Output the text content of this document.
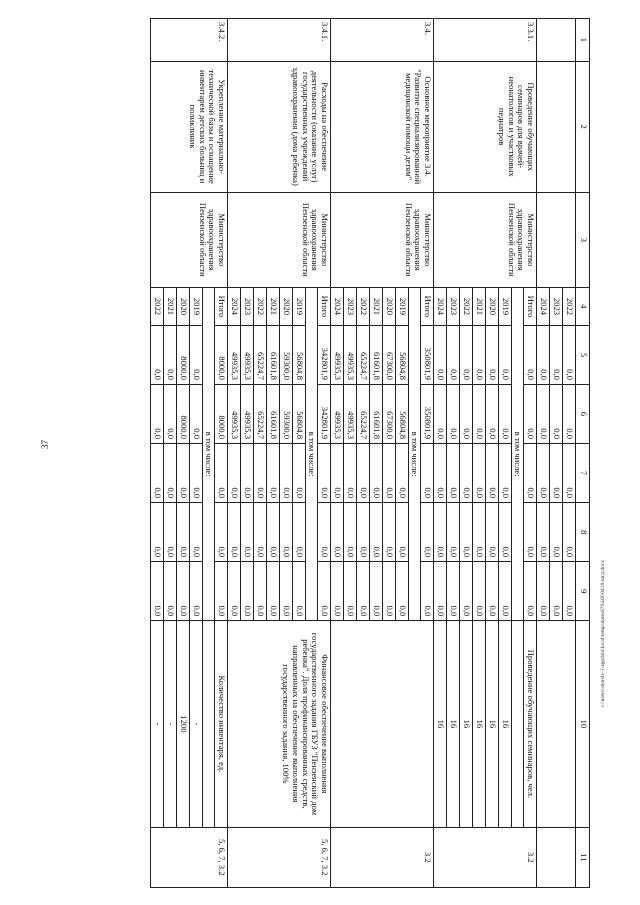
37
c:\users\sborsh~1\appdata\local\temp\notes879440\0418-шгд.docx
1	2	3	4	5	6	7	8	9	10	11
			2022	0,0	0,0	0,0	0,0	0,0		
			2023	0,0	0,0	0,0	0,0	0,0		
			2024	0,0	0,0	0,0	0,0	0,0		
3.3.1.	Проведение обучающих семинаров для врачей-неонатологов и участковых педиатров	Министерство здравоохранения Пензенской области	Итого	0,0	0,0	0,0	0,0	0,0	Проведение обучающих семинаров, чел.	3.2
			в том числе:							
			2019	0,0	0,0	0,0	0,0	0,0	16	
			2020	0,0	0,0	0,0	0,0	0,0	16	
			2021	0,0	0,0	0,0	0,0	0,0	16	
			2022	0,0	0,0	0,0	0,0	0,0	16	
			2023	0,0	0,0	0,0	0,0	0,0	16	
			2024	0,0	0,0	0,0	0,0	0,0	16	
3.4.	Основное мероприятие 3.4. "Развитие специализированной медицинской помощи детям"	Министерство здравоохранения Пензенской области	Итого	350801,9	350801,9	0,0	0,0	0,0		3.2
			в том числе:							
			2019	56804,8	56804,8	0,0	0,0	0,0		
			2020	67300,0	67300,0	0,0	0,0	0,0		
			2021	61601,8	61601,8	0,0	0,0	0,0		
			2022	65224,7	65224,7	0,0	0,0	0,0		
			2023	49935,3	49935,3	0,0	0,0	0,0		
			2024	49935,3	49935,3	0,0	0,0	0,0		
3.4.1.	Расходы на обеспечение деятельности (оказание услуг) государственных учреждений здравоохранения (дома ребенка)	Министерство здравоохранения Пензенской области	Итого	342801,9	342801,9	0,0	0,0	0,0	Финансовое обеспечение выполнения государственного задания ГБУЗ "Пензенский дом ребенка". Доля профинансированных средств, направленных на обеспечение выполнения государственного задания, 100%	5, 6, 7, 3.2
			в том числе:							
			2019	56804,8	56804,8	0,0	0,0	0,0		
			2020	59300,0	59300,0	0,0	0,0	0,0		
			2021	61601,8	61601,8	0,0	0,0	0,0		
			2022	65224,7	65224,7	0,0	0,0	0,0		
			2023	49935,3	49935,3	0,0	0,0	0,0		
			2024	49935,3	49935,3	0,0	0,0	0,0		
3.4.2.	Укрепление материально-технической базы и оснащение инвентарем детских больниц и поликлиник	Министерство здравоохранения Пензенской области	Итого	8000,0	8000,0	0,0	0,0	0,0	Количество инвентаря, ед.	5, 6, 7, 3.2
			в том числе:							
			2019	0,0	0,0	0,0	0,0	0,0	-	
			2020	8000,0	8000,0	0,0	0,0	0,0	1200	
			2021	0,0	0,0	0,0	0,0	0,0	-	
			2022	0,0	0,0	0,0	0,0	0,0	-	
